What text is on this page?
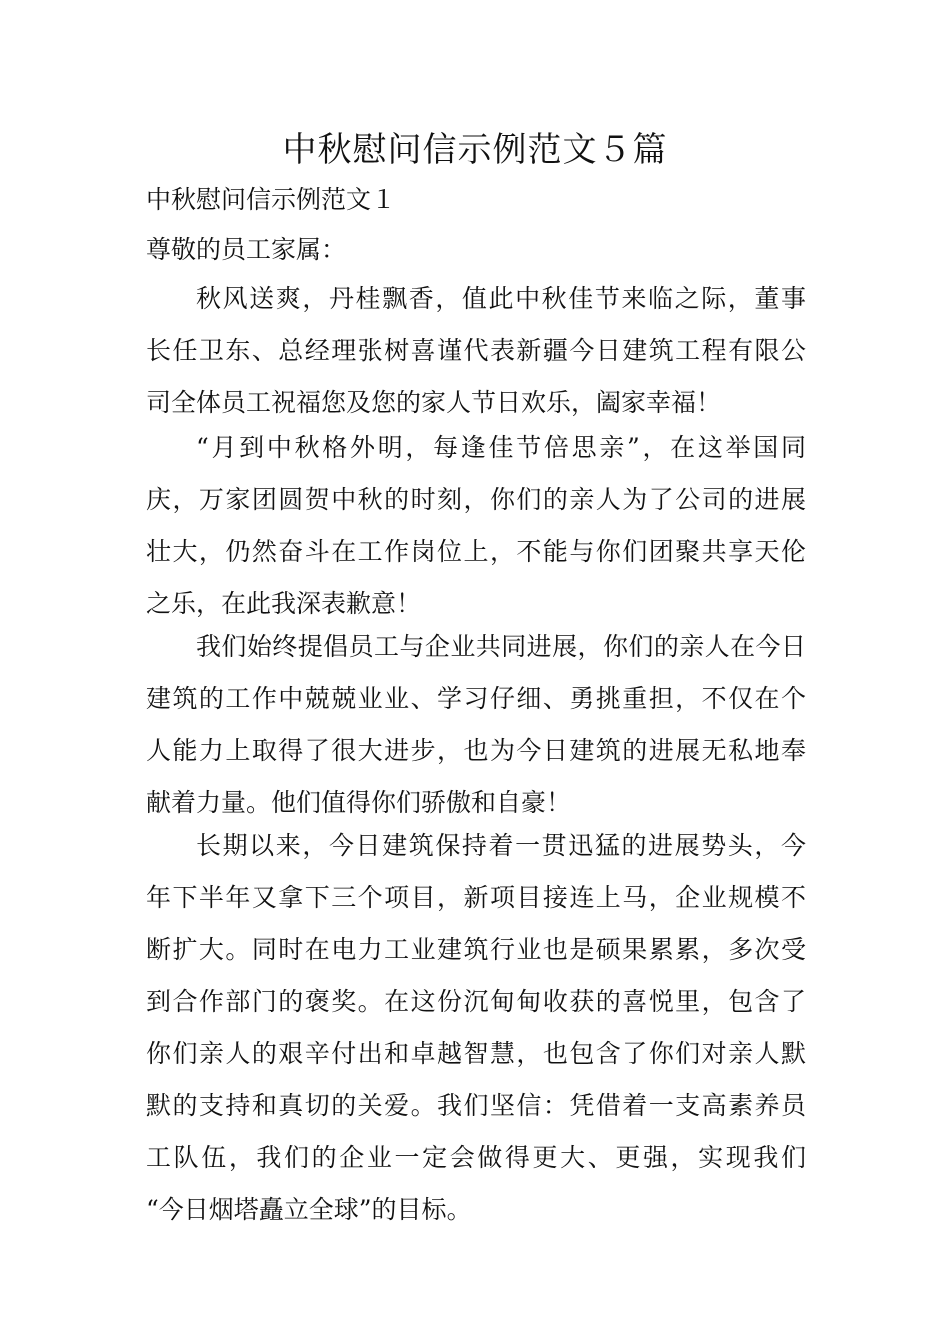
中秋慰问信示例范文５篇

中秋慰问信示例范文１

尊敬的员工家属：

秋风送爽，丹桂飘香，值此中秋佳节来临之际，董事
长任卫东、总经理张树喜谨代表新疆今日建筑工程有限公
司全体员工祝福您及您的家人节日欢乐，阖家幸福！
“月到中秋格外明，每逢佳节倍思亲”，在这举国同
庆，万家团圆贺中秋的时刻，你们的亲人为了公司的进展
壮大，仍然奋斗在工作岗位上，不能与你们团聚共享天伦
之乐，在此我深表歉意！
我们始终提倡员工与企业共同进展，你们的亲人在今日
建筑的工作中兢兢业业、学习仔细、勇挑重担，不仅在个
人能力上取得了很大进步，也为今日建筑的进展无私地奉
献着力量。他们值得你们骄傲和自豪！
长期以来，今日建筑保持着一贯迅猛的进展势头，今
年下半年又拿下三个项目，新项目接连上马，企业规模不
断扩大。同时在电力工业建筑行业也是硕果累累，多次受
到合作部门的褒奖。在这份沉甸甸收获的喜悦里，包含了
你们亲人的艰辛付出和卓越智慧，也包含了你们对亲人默
默的支持和真切的关爱。我们坚信：凭借着一支高素养员
工队伍，我们的企业一定会做得更大、更强，实现我们
“今日烟塔矗立全球”的目标。
